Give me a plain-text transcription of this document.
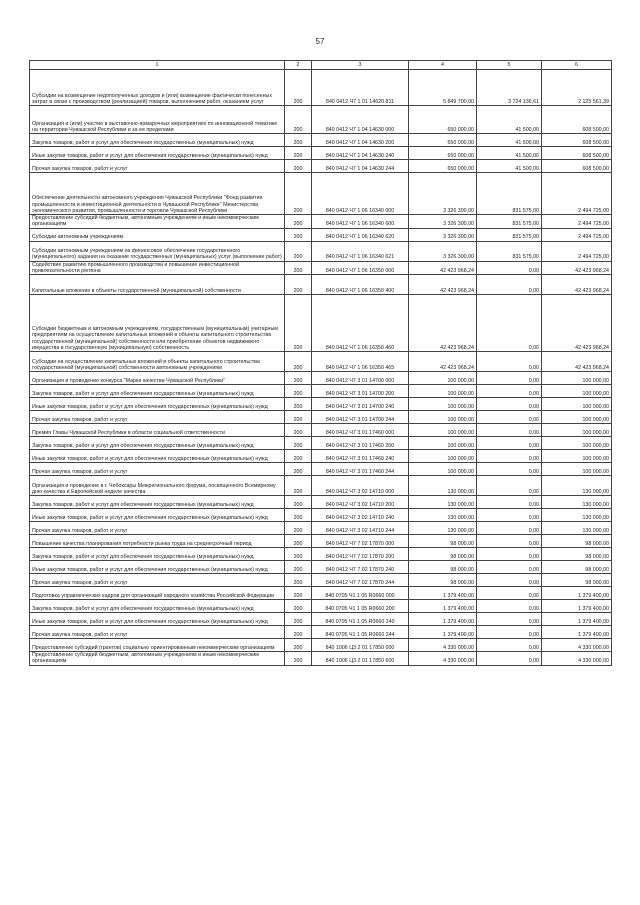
57
1	2	3	4	5	6
Субсидии на возмещение недополученных доходов и (или) возмещение фактически понесенных затрат в связи с производством (реализацией) товаров, выполнением работ, оказанием услуг	200	840 0412 Ч7 1 01 14620 811	5 849 700,00	3 724 136,61	2 125 561,39
Организация и (или) участие в выставочно-ярмарочных мероприятиях по инновационной тематике на территории Чувашской Республики и за ее пределами	200	840 0412 Ч7 1 04 14630 000	650 000,00	41 500,00	608 500,00
Закупка товаров, работ и услуг для обеспечения государственных (муниципальных) нужд	200	840 0412 Ч7 1 04 14630 200	650 000,00	41 500,00	608 500,00
Иные закупки товаров, работ и услуг для обеспечения государственных (муниципальных) нужд	200	840 0412 Ч7 1 04 14630 240	650 000,00	41 500,00	608 500,00
Прочая закупка товаров, работ и услуг	200	840 0412 Ч7 1 04 14630 244	650 000,00	41 500,00	608 500,00
Обеспечение деятельности автономного учреждения Чувашской Республики "Фонд развития промышленности и инвестиционной деятельности в Чувашской Республике" Министерства экономического развития, промышленности и торговли Чувашской Республики	200	840 0412 Ч7 1 06 16340 000	3 326 300,00	831 575,00	2 494 725,00
Предоставление субсидий бюджетным, автономным учреждениям и иным некоммерческим организациям	200	840 0412 Ч7 1 06 16340 600	3 326 300,00	831 575,00	2 494 725,00
Субсидии автономным учреждениям	200	840 0412 Ч7 1 06 16340 620	3 326 300,00	831 575,00	2 494 725,00
Субсидии автономным учреждениям на финансовое обеспечение государственного (муниципального) задания на оказание государственных (муниципальных) услуг (выполнение работ)	200	840 0412 Ч7 1 06 16340 621	3 326 300,00	831 575,00	2 494 725,00
Содействие развитию промышленного производства и повышение инвестиционной привлекательности региона	200	840 0412 Ч7 1 06 16350 000	42 423 968,24	0,00	42 423 968,24
Капитальные вложения в объекты государственной (муниципальной) собственности	200	840 0412 Ч7 1 06 16350 400	42 423 968,24	0,00	42 423 968,24
Субсидии бюджетным и автономным учреждениям, государственным (муниципальным) унитарным предприятиям на осуществление капитальных вложений в объекты капитального строительства государственной (муниципальной) собственности или приобретение объектов недвижимого имущества в государственную (муниципальную) собственность	200	840 0412 Ч7 1 06 16350 460	42 423 968,24	0,00	42 423 968,24
Субсидии на осуществление капитальных вложений в объекты капитального строительства государственной (муниципальной) собственности автономным учреждениям	200	840 0412 Ч7 1 06 16350 465	42 423 968,24	0,00	42 423 968,24
Организация и проведение конкурса "Марка качества Чувашской Республики"	200	840 0412 Ч7 3 01 14700 000	100 000,00	0,00	100 000,00
Закупка товаров, работ и услуг для обеспечения государственных (муниципальных) нужд	200	840 0412 Ч7 3 01 14700 200	100 000,00	0,00	100 000,00
Иные закупки товаров, работ и услуг для обеспечения государственных (муниципальных) нужд	200	840 0412 Ч7 3 01 14700 240	100 000,00	0,00	100 000,00
Прочая закупка товаров, работ и услуг	200	840 0412 Ч7 3 01 14700 244	100 000,00	0,00	100 000,00
Премия Главы Чувашской Республики в области социальной ответственности	200	840 0412 Ч7 3 01 17460 000	100 000,00	0,00	100 000,00
Закупка товаров, работ и услуг для обеспечения государственных (муниципальных) нужд	200	840 0412 Ч7 3 01 17460 200	100 000,00	0,00	100 000,00
Иные закупки товаров, работ и услуг для обеспечения государственных (муниципальных) нужд	200	840 0412 Ч7 3 01 17460 240	100 000,00	0,00	100 000,00
Прочая закупка товаров, работ и услуг	200	840 0412 Ч7 3 01 17460 244	100 000,00	0,00	100 000,00
Организация и проведение в г. Чебоксары Межрегионального форума, посвященного Всемирному дню качества и Европейской неделе качества	200	840 0412 Ч7 3 02 14710 000	130 000,00	0,00	130 000,00
Закупка товаров, работ и услуг для обеспечения государственных (муниципальных) нужд	200	840 0412 Ч7 3 02 14710 200	130 000,00	0,00	130 000,00
Иные закупки товаров, работ и услуг для обеспечения государственных (муниципальных) нужд	200	840 0412 Ч7 3 02 14710 240	130 000,00	0,00	130 000,00
Прочая закупка товаров, работ и услуг	200	840 0412 Ч7 3 02 14710 244	130 000,00	0,00	130 000,00
Повышение качества планирования потребности рынка труда на среднесрочный период	200	840 0412 Ч7 7 02 17870 000	98 000,00	0,00	98 000,00
Закупка товаров, работ и услуг для обеспечения государственных (муниципальных) нужд	200	840 0412 Ч7 7 02 17870 200	98 000,00	0,00	98 000,00
Иные закупки товаров, работ и услуг для обеспечения государственных (муниципальных) нужд	200	840 0412 Ч7 7 02 17870 240	98 000,00	0,00	98 000,00
Прочая закупка товаров, работ и услуг	200	840 0412 Ч7 7 02 17870 244	98 000,00	0,00	98 000,00
Подготовка управленческих кадров для организаций народного хозяйства Российской Федерации	200	840 0705 Ч1 1 05 R0660 000	1 379 400,00	0,00	1 379 400,00
Закупка товаров, работ и услуг для обеспечения государственных (муниципальных) нужд	200	840 0705 Ч1 1 05 R0660 200	1 379 400,00	0,00	1 379 400,00
Иные закупки товаров, работ и услуг для обеспечения государственных (муниципальных) нужд	200	840 0705 Ч1 1 05 R0660 240	1 379 400,00	0,00	1 379 400,00
Прочая закупка товаров, работ и услуг	200	840 0705 Ч1 1 05 R0660 244	1 379 400,00	0,00	1 379 400,00
Предоставление субсидий (грантов) социально ориентированным некоммерческим организациям	200	840 1006 Ц3 2 01 17850 000	4 330 000,00	0,00	4 330 000,00
Предоставление субсидий бюджетным, автономным учреждениям и иным некоммерческим организациям	200	840 1006 Ц3 2 01 17850 600	4 330 000,00	0,00	4 330 000,00
